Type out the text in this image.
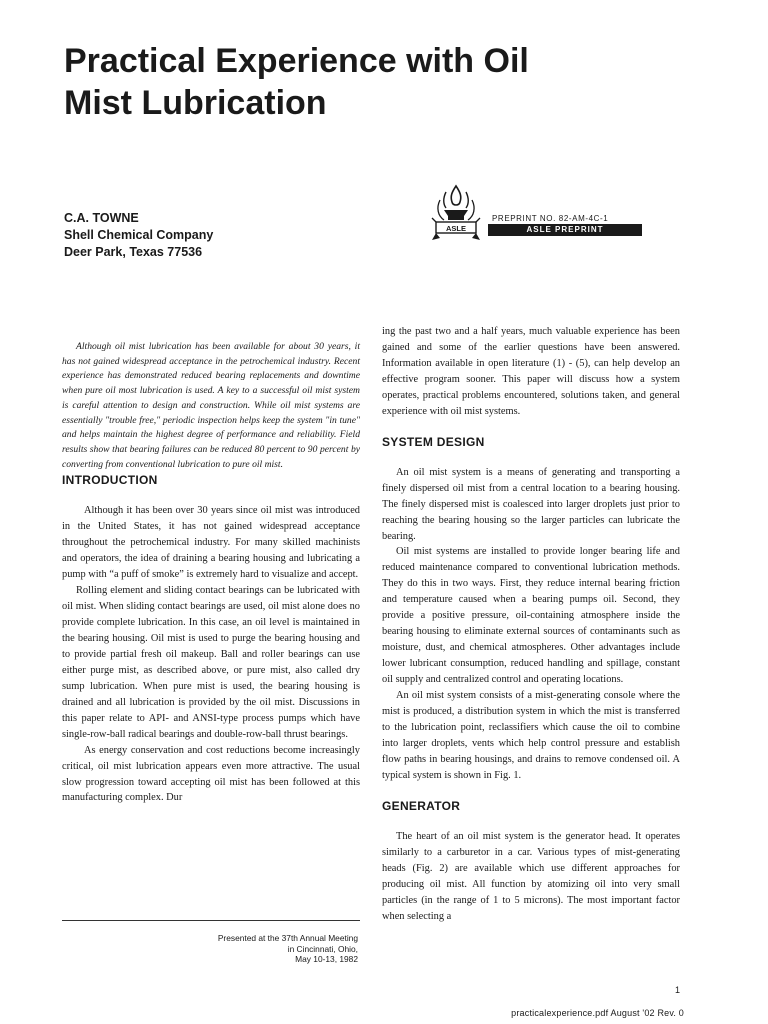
Practical Experience with Oil
Mist Lubrication
C.A. TOWNE
Shell Chemical Company
Deer Park, Texas 77536
ASLE
PREPRINT NO. 82-AM-4C-1
ASLE PREPRINT

Although oil mist lubrication has been available for about 30 years, it has not gained widespread acceptance in the petrochemical industry. Recent experience has demonstrated reduced bearing replacements and downtime when pure oil most lubrication is used. A key to a successful oil mist system is careful attention to design and construction. While oil mist systems are essentially "trouble free," periodic inspection helps keep the system "in tune" and helps maintain the highest degree of performance and reliability. Field results show that bearing failures can be reduced 80 percent to 90 percent by converting from conventional lubrication to pure oil mist.

INTRODUCTION

Although it has been over 30 years since oil mist was introduced in the United States, it has not gained widespread acceptance throughout the petrochemical industry. For many skilled machinists and operators, the idea of draining a bearing housing and lubricating a pump with “a puff of smoke” is extremely hard to visualize and accept.

Rolling element and sliding contact bearings can be lubricated with oil mist. When sliding contact bearings are used, oil mist alone does no provide complete lubrication. In this case, an oil level is maintained in the bearing housing. Oil mist is used to purge the bearing housing and to provide partial fresh oil makeup. Ball and roller bearings can use either purge mist, as described above, or pure mist, also called dry sump lubrication. When pure mist is used, the bearing housing is drained and all lubrication is provided by the oil mist. Discussions in this paper relate to API- and ANSI-type process pumps which have single-row-ball radical bearings and double-row-ball thrust bearings.

As energy conservation and cost reductions become increasingly critical, oil mist lubrication appears even more attractive. The usual slow progression toward accepting oil mist has been followed at this manufacturing complex. Dur

ing the past two and a half years, much valuable experience has been gained and some of the earlier questions have been answered. Information available in open literature (1) - (5), can help develop an effective program sooner. This paper will discuss how a system operates, practical problems encountered, solutions taken, and general experience with oil mist systems.

SYSTEM DESIGN

An oil mist system is a means of generating and transporting a finely dispersed oil mist from a central location to a bearing housing. The finely dispersed mist is coalesced into larger droplets just prior to reaching the bearing housing so the larger particles can lubricate the bearing.

Oil mist systems are installed to provide longer bearing life and reduced maintenance compared to conventional lubrication methods. They do this in two ways. First, they reduce internal bearing friction and temperature caused when a bearing pumps oil. Second, they provide a positive pressure, oil-containing atmosphere inside the bearing housing to eliminate external sources of contaminants such as moisture, dust, and chemical atmospheres. Other advantages include lower lubricant consumption, reduced handling and spillage, constant oil supply and centralized control and operating locations.

An oil mist system consists of a mist-generating console where the mist is produced, a distribution system in which the mist is transferred to the lubrication point, reclassifiers which cause the oil to combine into larger droplets, vents which help control pressure and establish flow paths in bearing housings, and drains to remove condensed oil. A typical system is shown in Fig. 1.

GENERATOR

The heart of an oil mist system is the generator head. It operates similarly to a carburetor in a car. Various types of mist-generating heads (Fig. 2) are available which use different approaches for producing oil mist. All function by atomizing oil into very small particles (in the range of 1 to 5 microns). The most important factor when selecting a

Presented at the 37th Annual Meeting
in Cincinnati, Ohio,
May 10-13, 1982
1
practicalexperience.pdf August '02 Rev. 0
